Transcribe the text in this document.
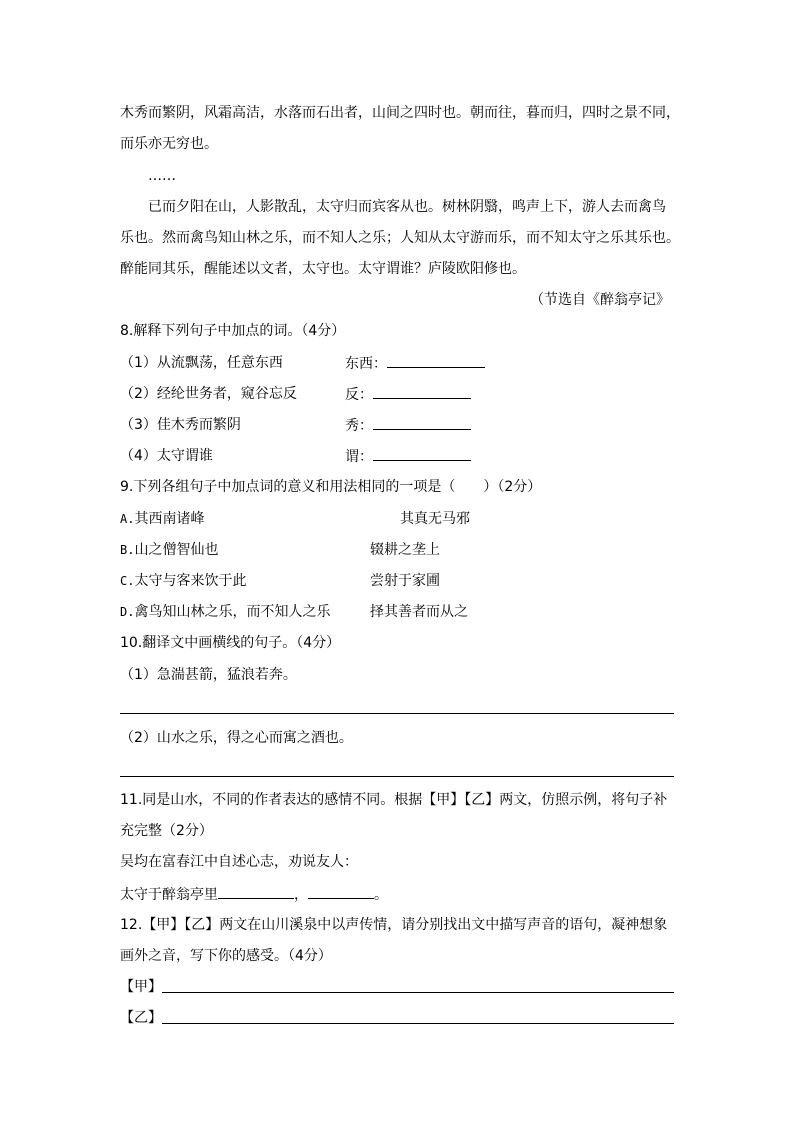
木秀而繁阴，风霜高洁，水落而石出者，山间之四时也。朝而往，暮而归，四时之景不同，
而乐亦无穷也。
……
已而夕阳在山，人影散乱，太守归而宾客从也。树林阴翳，鸣声上下，游人去而禽鸟
乐也。然而禽鸟知山林之乐，而不知人之乐；人知从太守游而乐，而不知太守之乐其乐也。
醉能同其乐，醒能述以文者，太守也。太守谓谁？庐陵欧阳修也。
（节选自《醉翁亭记》
8.解释下列句子中加点的词。（4分）
（1）从流飘荡，任意东西	东西：
（2）经纶世务者，窥谷忘反	反：
（3）佳木秀而繁阴	秀：
（4）太守谓谁	谓：
9.下列各组句子中加点词的意义和用法相同的一项是（　　）（2分）
A.其西南诸峰	其真无马邪
B.山之僧智仙也	辍耕之垄上
C.太守与客来饮于此	尝射于家圃
D.禽鸟知山林之乐，而不知人之乐	择其善者而从之
10.翻译文中画横线的句子。（4分）
（1）急湍甚箭，猛浪若奔。
（2）山水之乐，得之心而寓之酒也。
11.同是山水，不同的作者表达的感情不同。根据【甲】【乙】两文，仿照示例，将句子补
充完整（2分）
吴均在富春江中自述心志，劝说友人：
太守于醉翁亭里	，	。
12.【甲】【乙】两文在山川溪泉中以声传情，请分别找出文中描写声音的语句，凝神想象
画外之音，写下你的感受。（4分）
【甲】
【乙】
